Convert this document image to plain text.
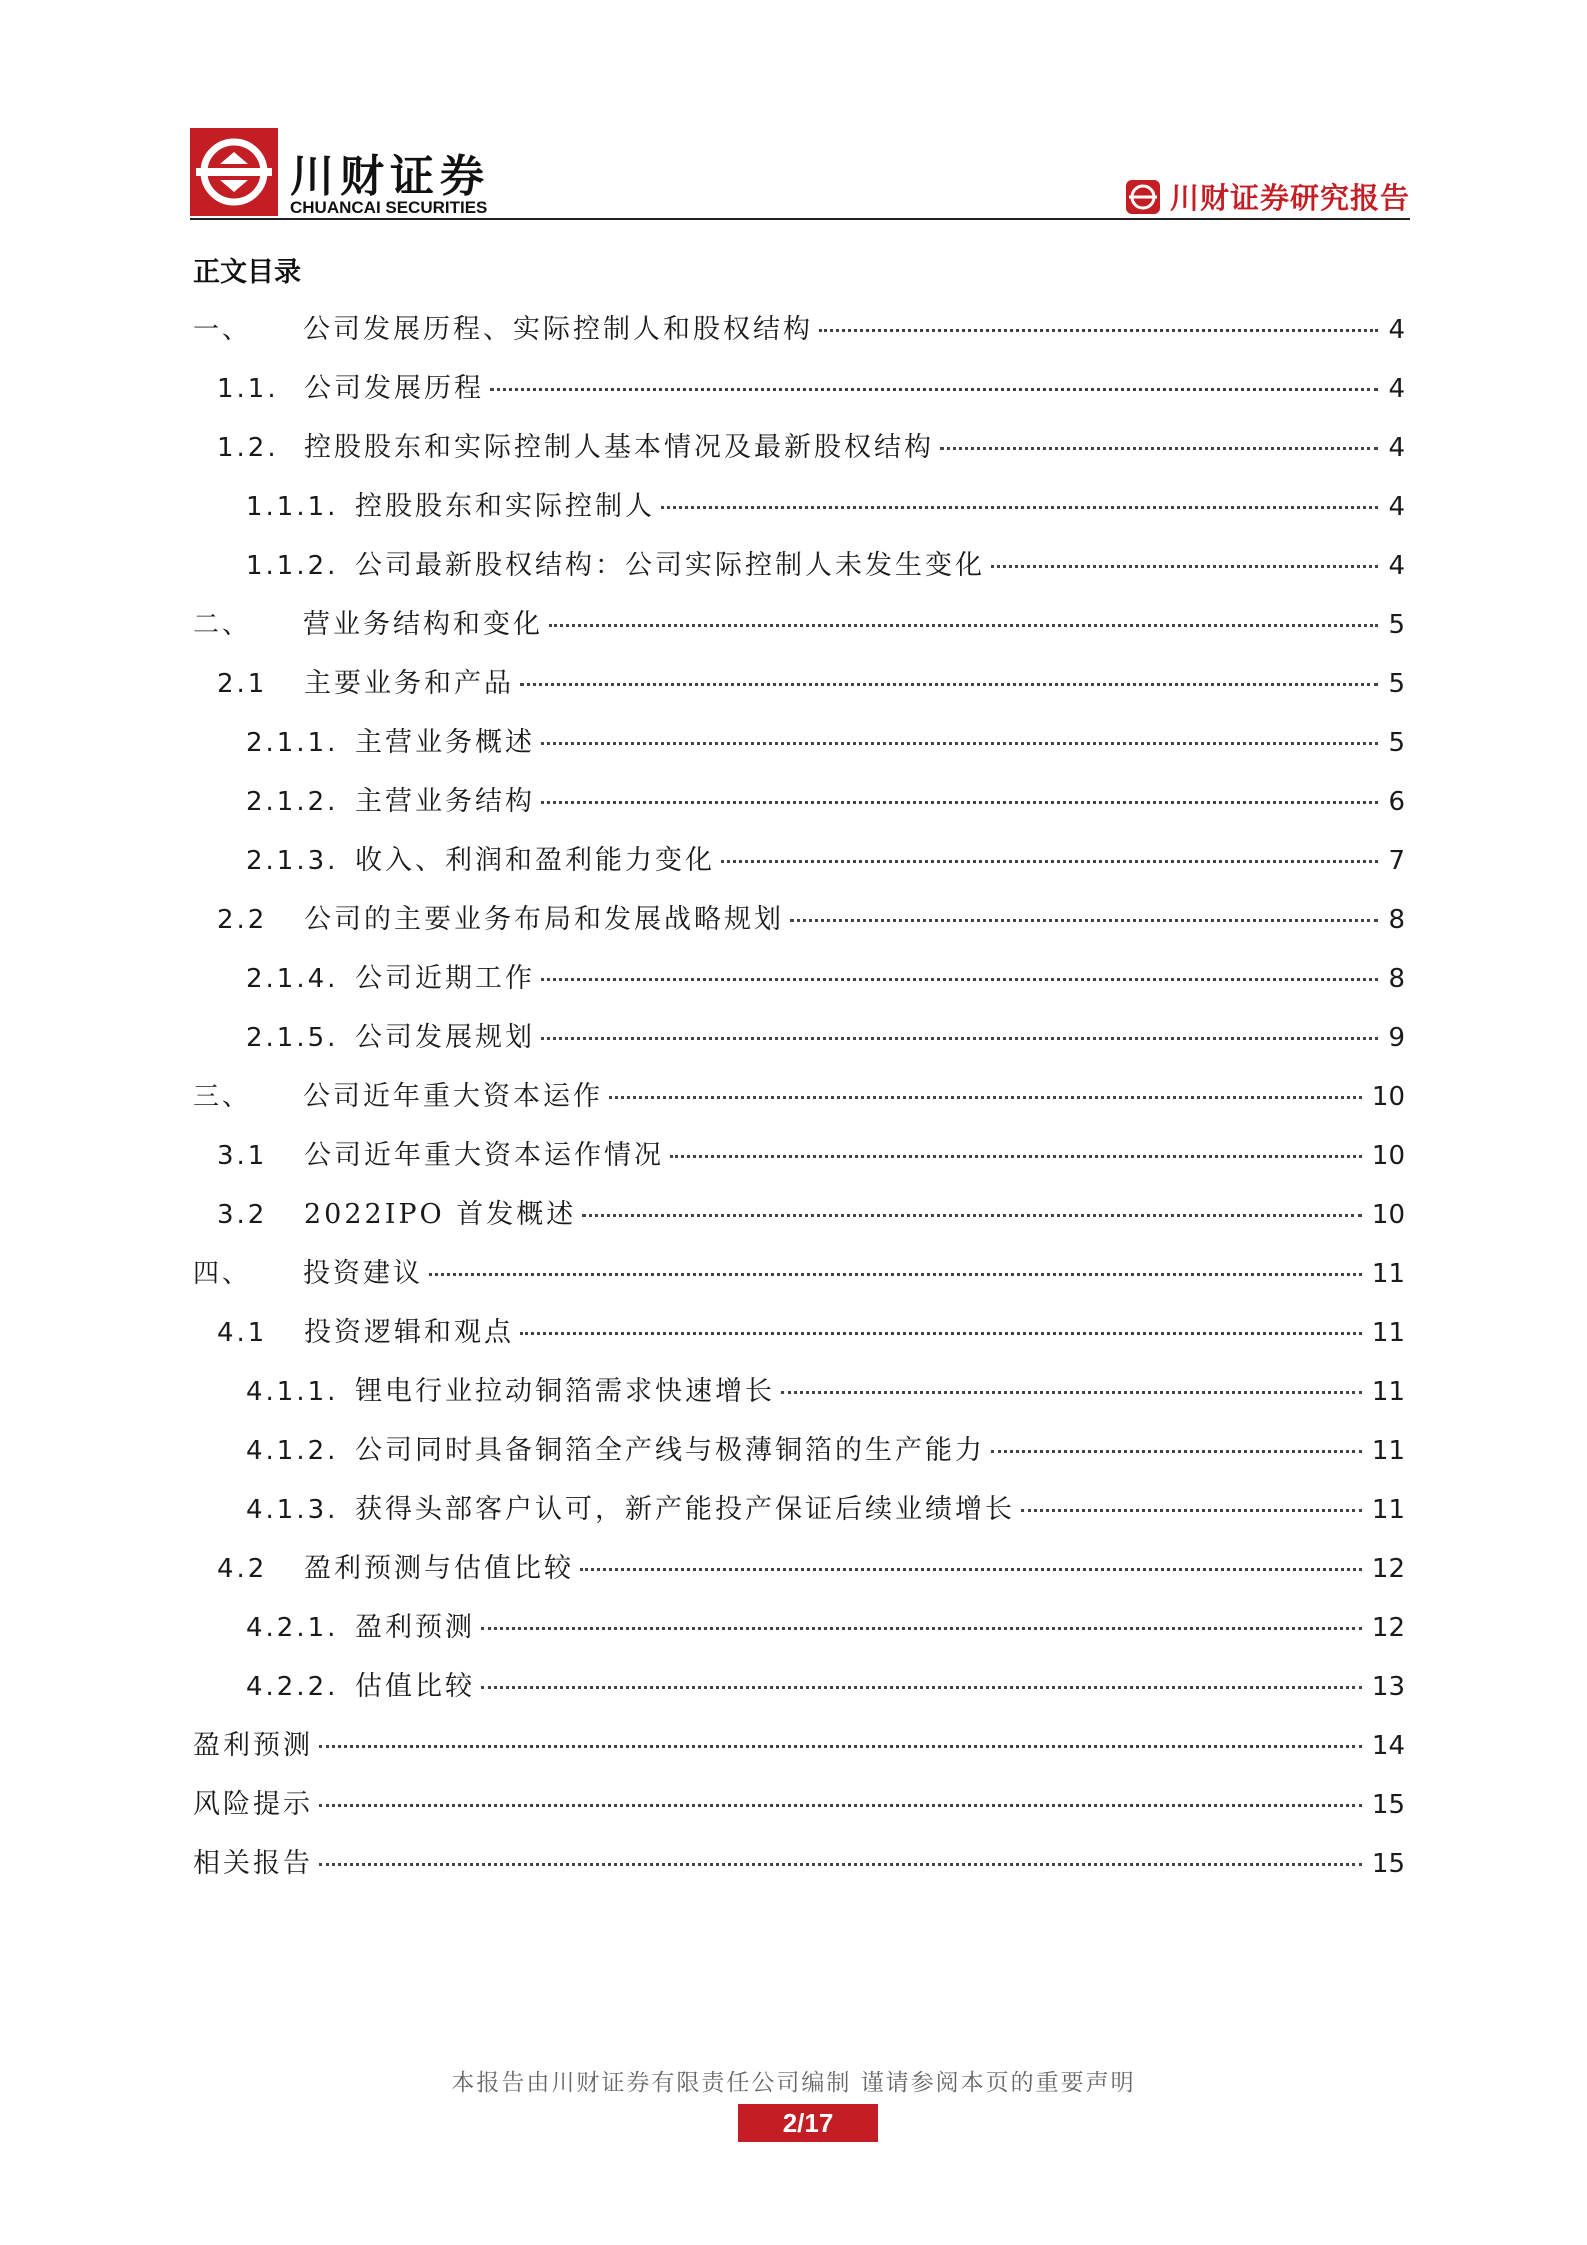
川财证券
CHUANCAI SECURITIES	川财证券研究报告
正文目录
一、	公司发展历程、实际控制人和股权结构	4
1.1. 公司发展历程	4
1.2. 控股股东和实际控制人基本情况及最新股权结构	4
1.1.1. 控股股东和实际控制人	4
1.1.2. 公司最新股权结构：公司实际控制人未发生变化	4
二、	营业务结构和变化	5
2.1	主要业务和产品	5
2.1.1. 主营业务概述	5
2.1.2. 主营业务结构	6
2.1.3. 收入、利润和盈利能力变化	7
2.2	公司的主要业务布局和发展战略规划	8
2.1.4. 公司近期工作	8
2.1.5. 公司发展规划	9
三、	公司近年重大资本运作	10
3.1	公司近年重大资本运作情况	10
3.2	2022IPO 首发概述	10
四、	投资建议	11
4.1	投资逻辑和观点	11
4.1.1. 锂电行业拉动铜箔需求快速增长	11
4.1.2. 公司同时具备铜箔全产线与极薄铜箔的生产能力	11
4.1.3. 获得头部客户认可，新产能投产保证后续业绩增长	11
4.2	盈利预测与估值比较	12
4.2.1. 盈利预测	12
4.2.2. 估值比较	13
盈利预测	14
风险提示	15
相关报告	15
本报告由川财证券有限责任公司编制 谨请参阅本页的重要声明
2/17
